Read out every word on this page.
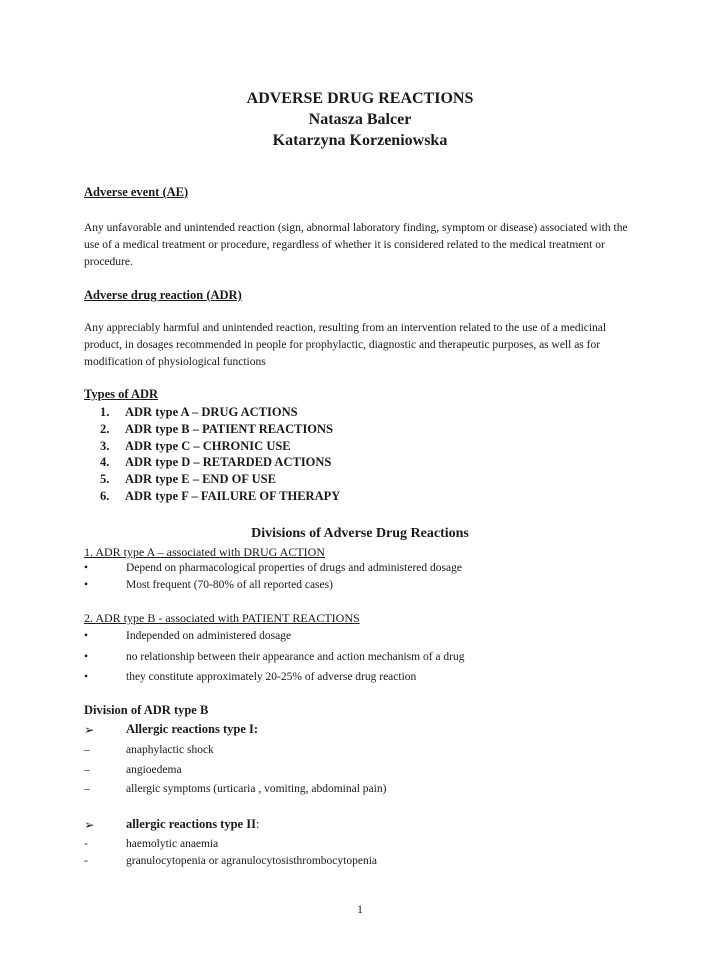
ADVERSE DRUG REACTIONS
Natasza Balcer
Katarzyna Korzeniowska
Adverse event (AE)
Any unfavorable and unintended reaction (sign, abnormal laboratory finding, symptom or disease) associated with the use of a medical treatment or procedure, regardless of whether it is considered related to the medical treatment or procedure.
Adverse drug reaction (ADR)
Any appreciably harmful and unintended reaction, resulting from an intervention related to the use of a medicinal product, in dosages recommended in people for prophylactic, diagnostic and therapeutic purposes, as well as for modification of physiological functions
Types of ADR
1.	ADR type A – DRUG ACTIONS
2.	ADR type B – PATIENT REACTIONS
3.	ADR type C – CHRONIC USE
4.	ADR type D – RETARDED ACTIONS
5.	ADR type E – END OF USE
6.	ADR type F – FAILURE OF THERAPY
Divisions of Adverse Drug Reactions
1. ADR type A – associated with DRUG ACTION
•	Depend on pharmacological properties of drugs and administered dosage
•	Most frequent (70-80% of all reported cases)
2. ADR type B - associated with PATIENT REACTIONS
•	Independed on administered dosage
•	no relationship between their appearance and action mechanism of a drug
•	they constitute approximately 20-25% of adverse drug reaction
Division of ADR type B
➢	Allergic reactions type I:
–	anaphylactic shock
–	angioedema
–	allergic symptoms (urticaria , vomiting, abdominal pain)
➢	allergic reactions type II:
-	haemolytic anaemia
-	granulocytopenia or agranulocytosisthrombocytopenia
1
